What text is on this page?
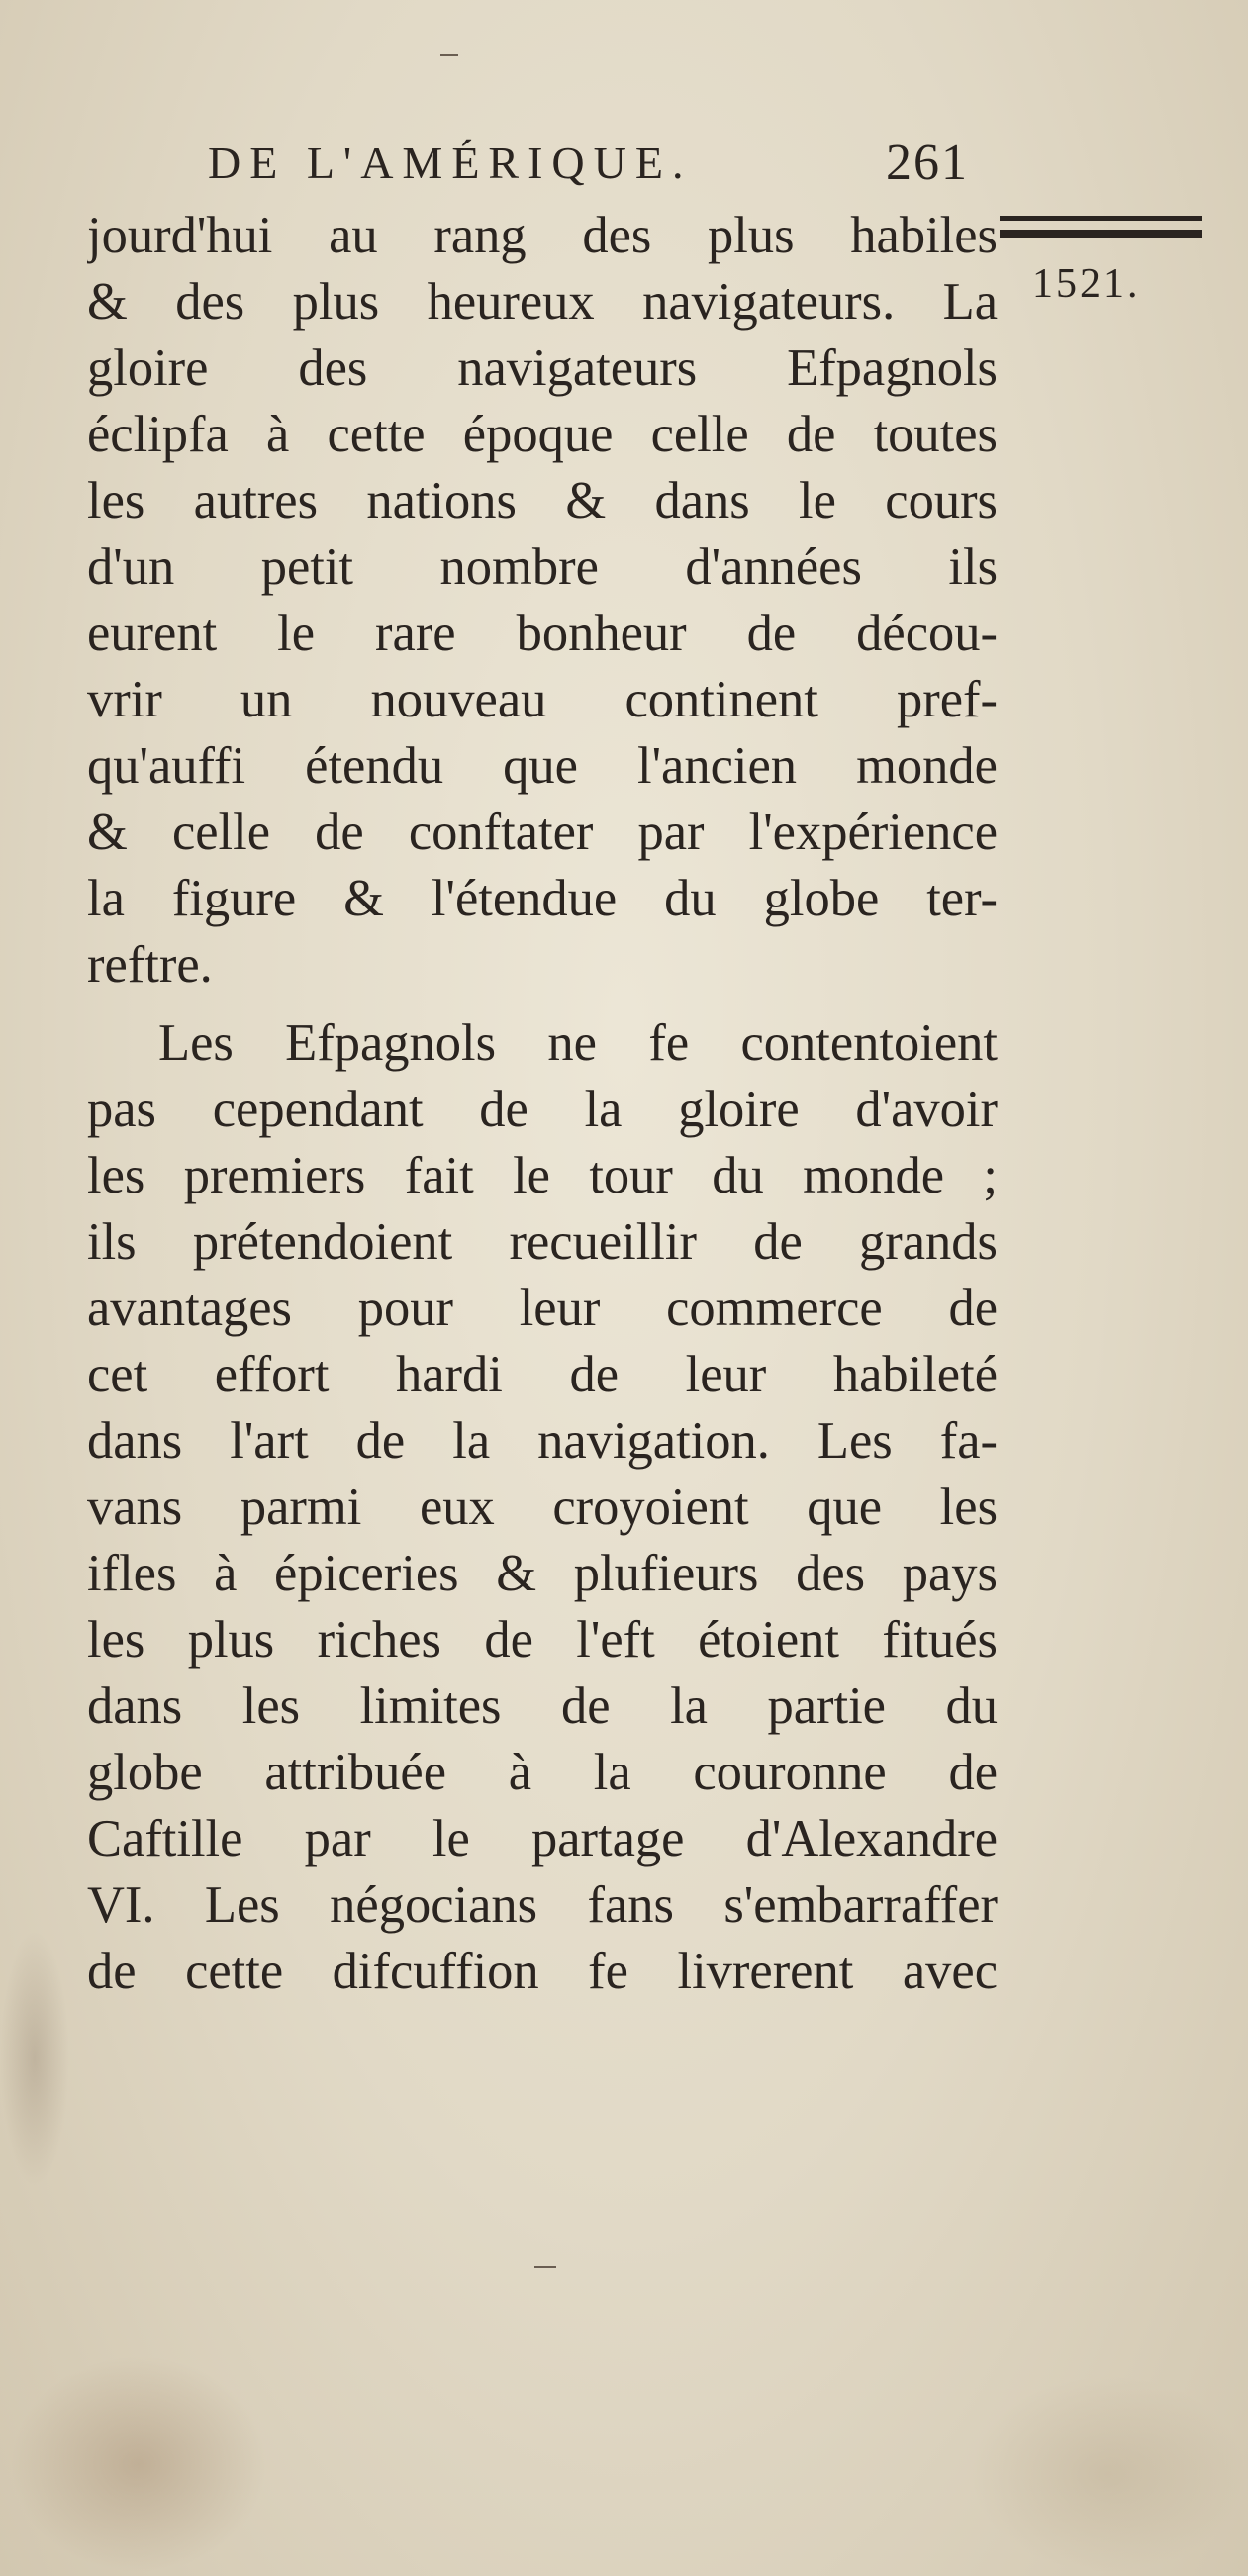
DE L'AMÉRIQUE.	261
1521.
jourd'hui au rang des plus habiles
& des plus heureux navigateurs. La
gloire des navigateurs Efpagnols
éclipfa à cette époque celle de toutes
les autres nations & dans le cours
d'un petit nombre d'années ils
eurent le rare bonheur de décou-
vrir un nouveau continent pref-
qu'auffi étendu que l'ancien monde
& celle de conftater par l'expérience
la figure & l'étendue du globe ter-
reftre.
Les Efpagnols ne fe contentoient
pas cependant de la gloire d'avoir
les premiers fait le tour du monde ;
ils prétendoient recueillir de grands
avantages pour leur commerce de
cet effort hardi de leur habileté
dans l'art de la navigation. Les fa-
vans parmi eux croyoient que les
ifles à épiceries & plufieurs des pays
les plus riches de l'eft étoient fitués
dans les limites de la partie du
globe attribuée à la couronne de
Caftille par le partage d'Alexandre
VI. Les négocians fans s'embarraffer
de cette difcuffion fe livrerent avec
